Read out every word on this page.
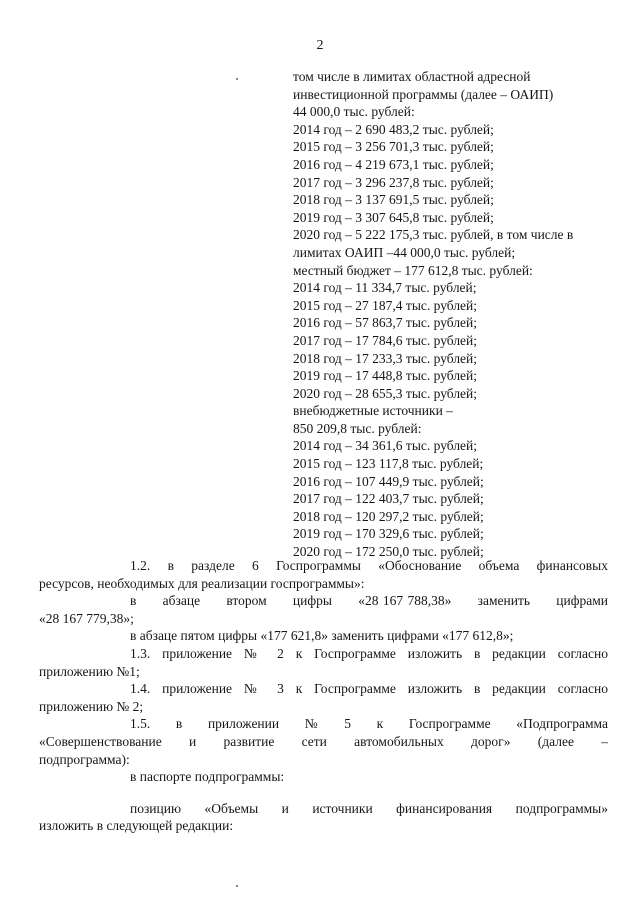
2
том числе в лимитах областной адресной
инвестиционной программы (далее – ОАИП)
44 000,0 тыс. рублей:
2014 год – 2 690 483,2 тыс. рублей;
2015 год – 3 256 701,3 тыс. рублей;
2016 год – 4 219 673,1 тыс. рублей;
2017 год – 3 296 237,8 тыс. рублей;
2018 год – 3 137 691,5 тыс. рублей;
2019 год – 3 307 645,8 тыс. рублей;
2020 год – 5 222 175,3 тыс. рублей, в том числе в
лимитах ОАИП –44 000,0 тыс. рублей;
местный бюджет – 177 612,8 тыс. рублей:
2014 год – 11 334,7 тыс. рублей;
2015 год – 27 187,4 тыс. рублей;
2016 год – 57 863,7 тыс. рублей;
2017 год – 17 784,6 тыс. рублей;
2018 год – 17 233,3 тыс. рублей;
2019 год – 17 448,8 тыс. рублей;
2020 год – 28 655,3 тыс. рублей;
внебюджетные источники –
850 209,8 тыс. рублей:
2014 год – 34 361,6 тыс. рублей;
2015 год – 123 117,8 тыс. рублей;
2016 год – 107 449,9 тыс. рублей;
2017 год – 122 403,7 тыс. рублей;
2018 год – 120 297,2 тыс. рублей;
2019 год – 170 329,6 тыс. рублей;
2020 год – 172 250,0 тыс. рублей;
1.2. в разделе 6 Госпрограммы «Обоснование объема финансовых
ресурсов, необходимых для реализации госпрограммы»:
в      абзаце      втором      цифры      «28 167 788,38»      заменить      цифрами
«28 167 779,38»;
в абзаце пятом цифры «177 621,8» заменить цифрами «177 612,8»;
1.3. приложение № 2 к Госпрограмме изложить в редакции согласно
приложению №1;
1.4. приложение № 3 к Госпрограмме изложить в редакции согласно
приложению № 2;
1.5.      в      приложении      №      5      к      Госпрограмме      «Подпрограмма
«Совершенствование и развитие сети автомобильных дорог» (далее –
подпрограмма):
в паспорте подпрограммы:
позицию «Объемы и источники финансирования подпрограммы»
изложить в следующей редакции:
